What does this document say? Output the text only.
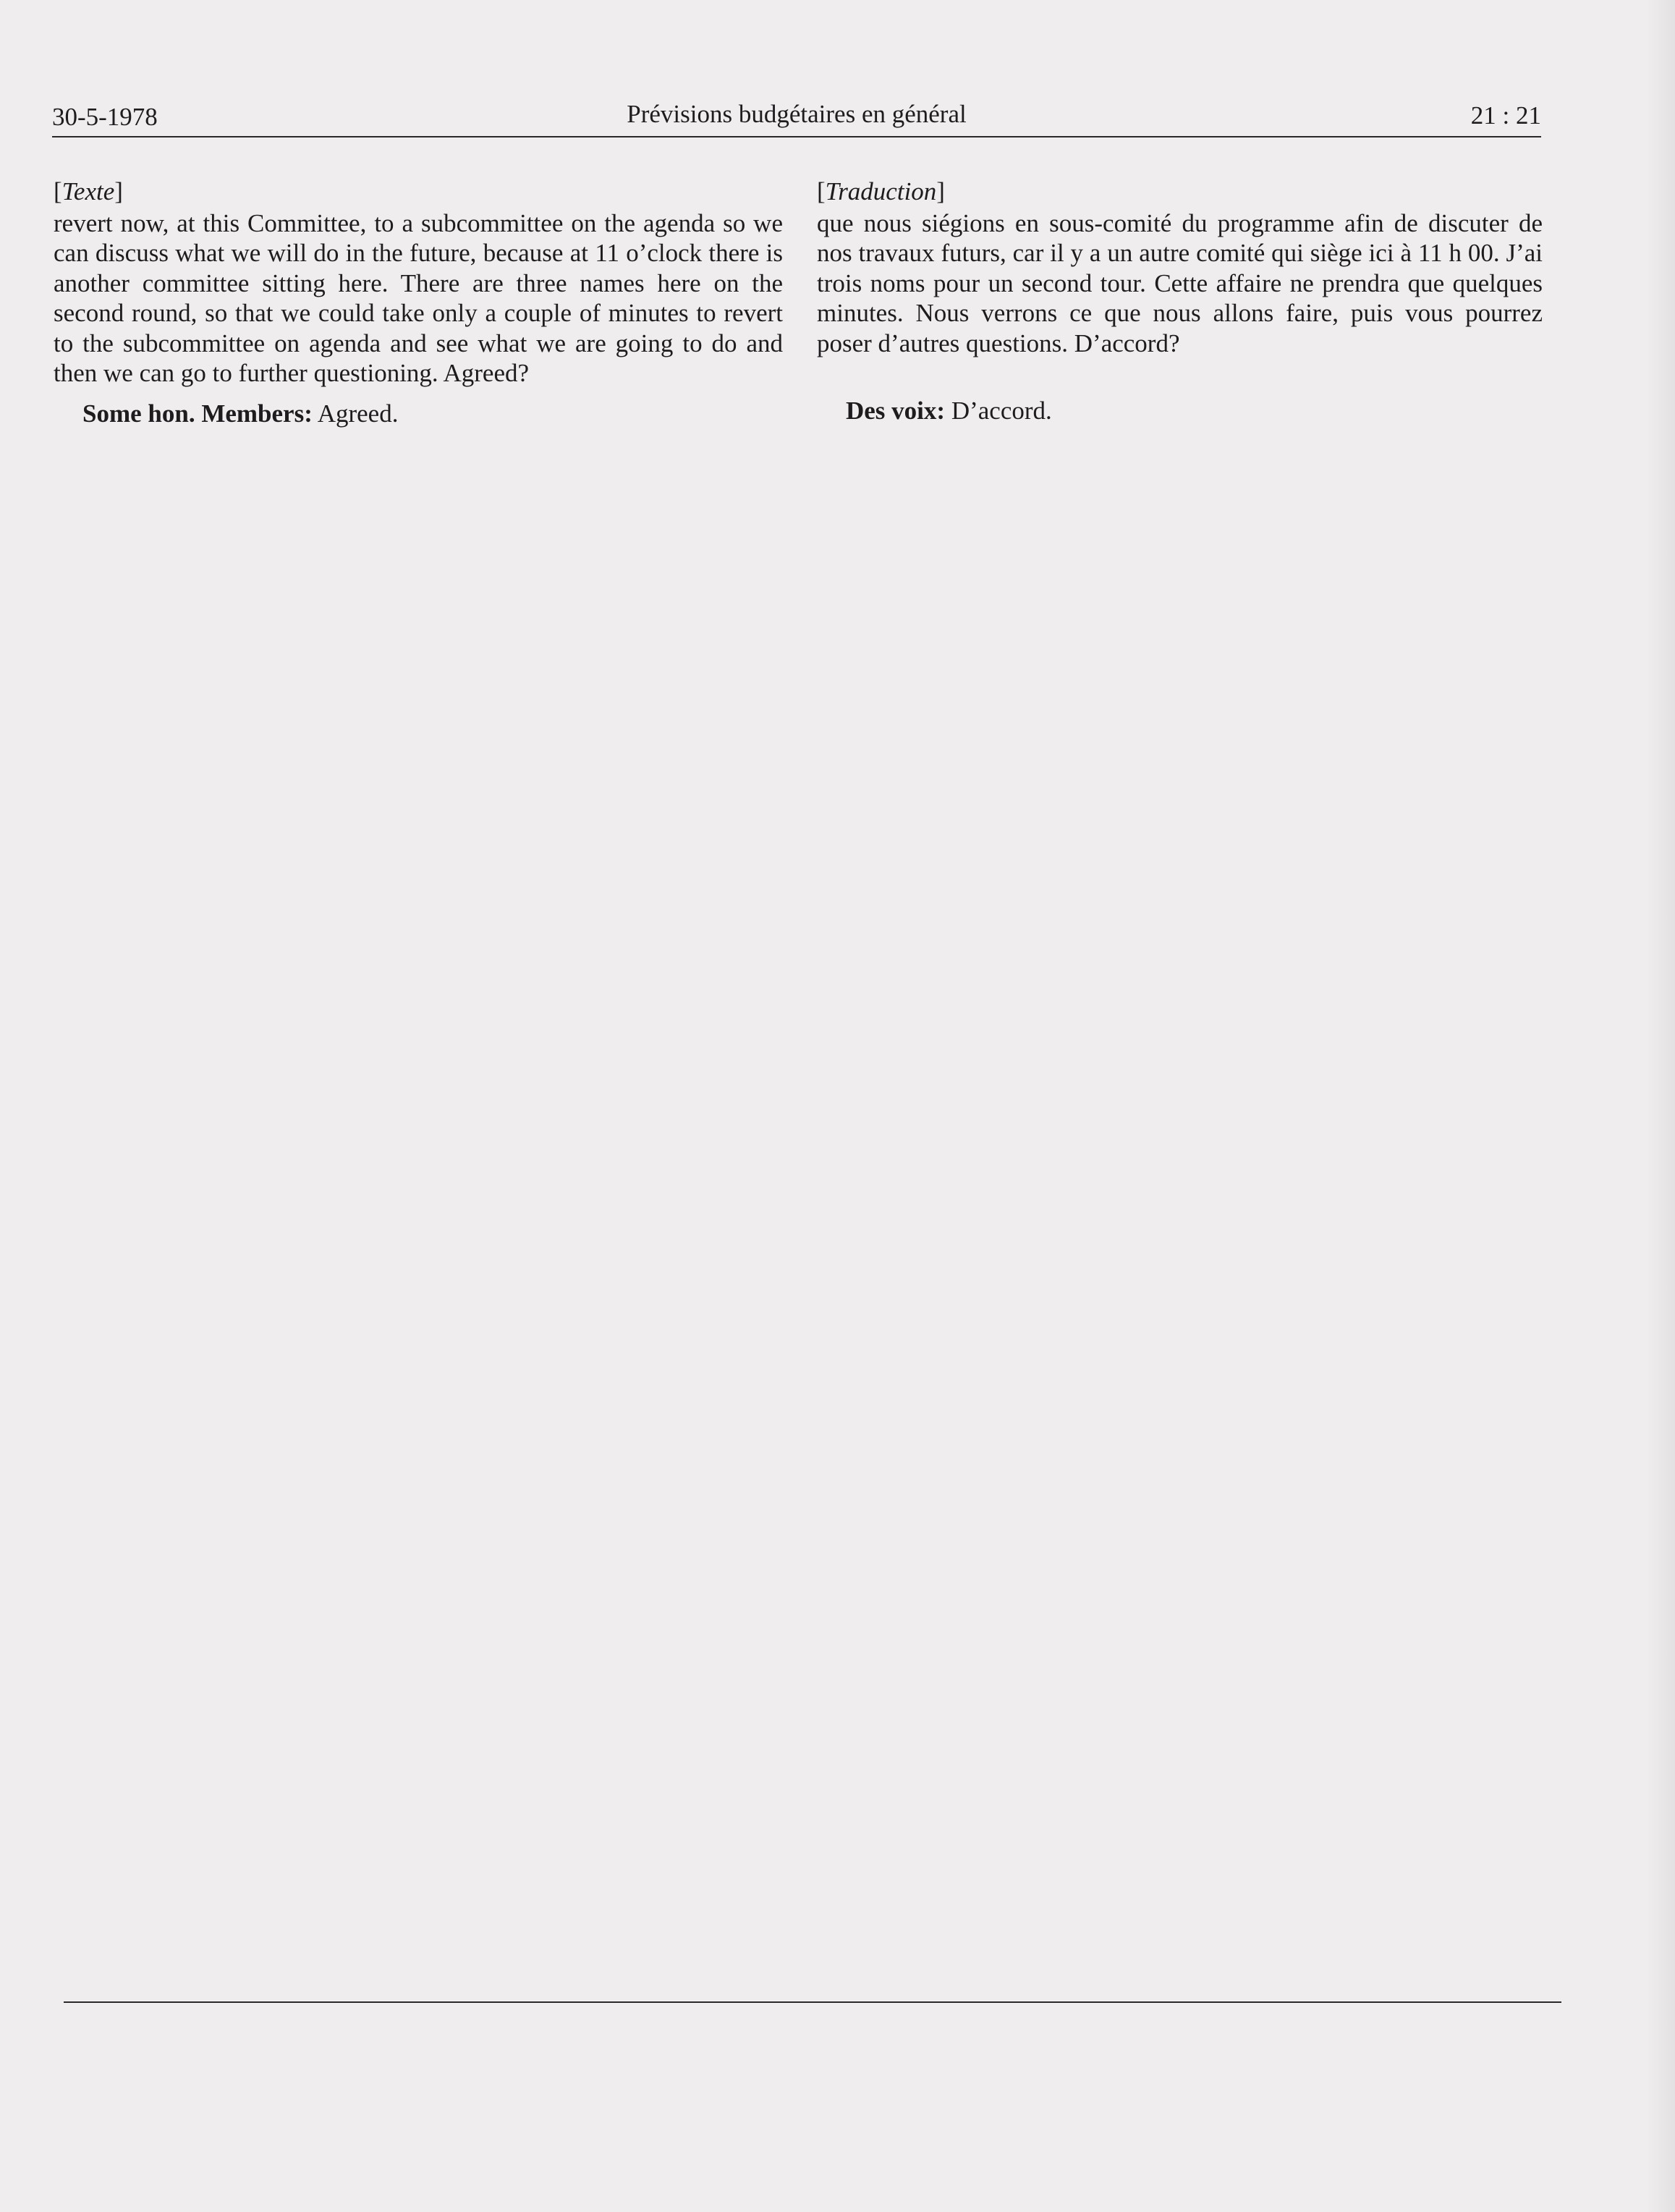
30-5-1978	Prévisions budgétaires en général	21 : 21
[Texte]

revert now, at this Committee, to a subcommittee on the agenda so we can discuss what we will do in the future, because at 11 o’clock there is another committee sitting here. There are three names here on the second round, so that we could take only a couple of minutes to revert to the subcommittee on agenda and see what we are going to do and then we can go to further questioning. Agreed?

Some hon. Members: Agreed.
[Traduction]

que nous siégions en sous-comité du programme afin de discuter de nos travaux futurs, car il y a un autre comité qui siège ici à 11 h 00. J’ai trois noms pour un second tour. Cette affaire ne prendra que quelques minutes. Nous verrons ce que nous allons faire, puis vous pourrez poser d’autres questions. D’accord?

Des voix: D’accord.
